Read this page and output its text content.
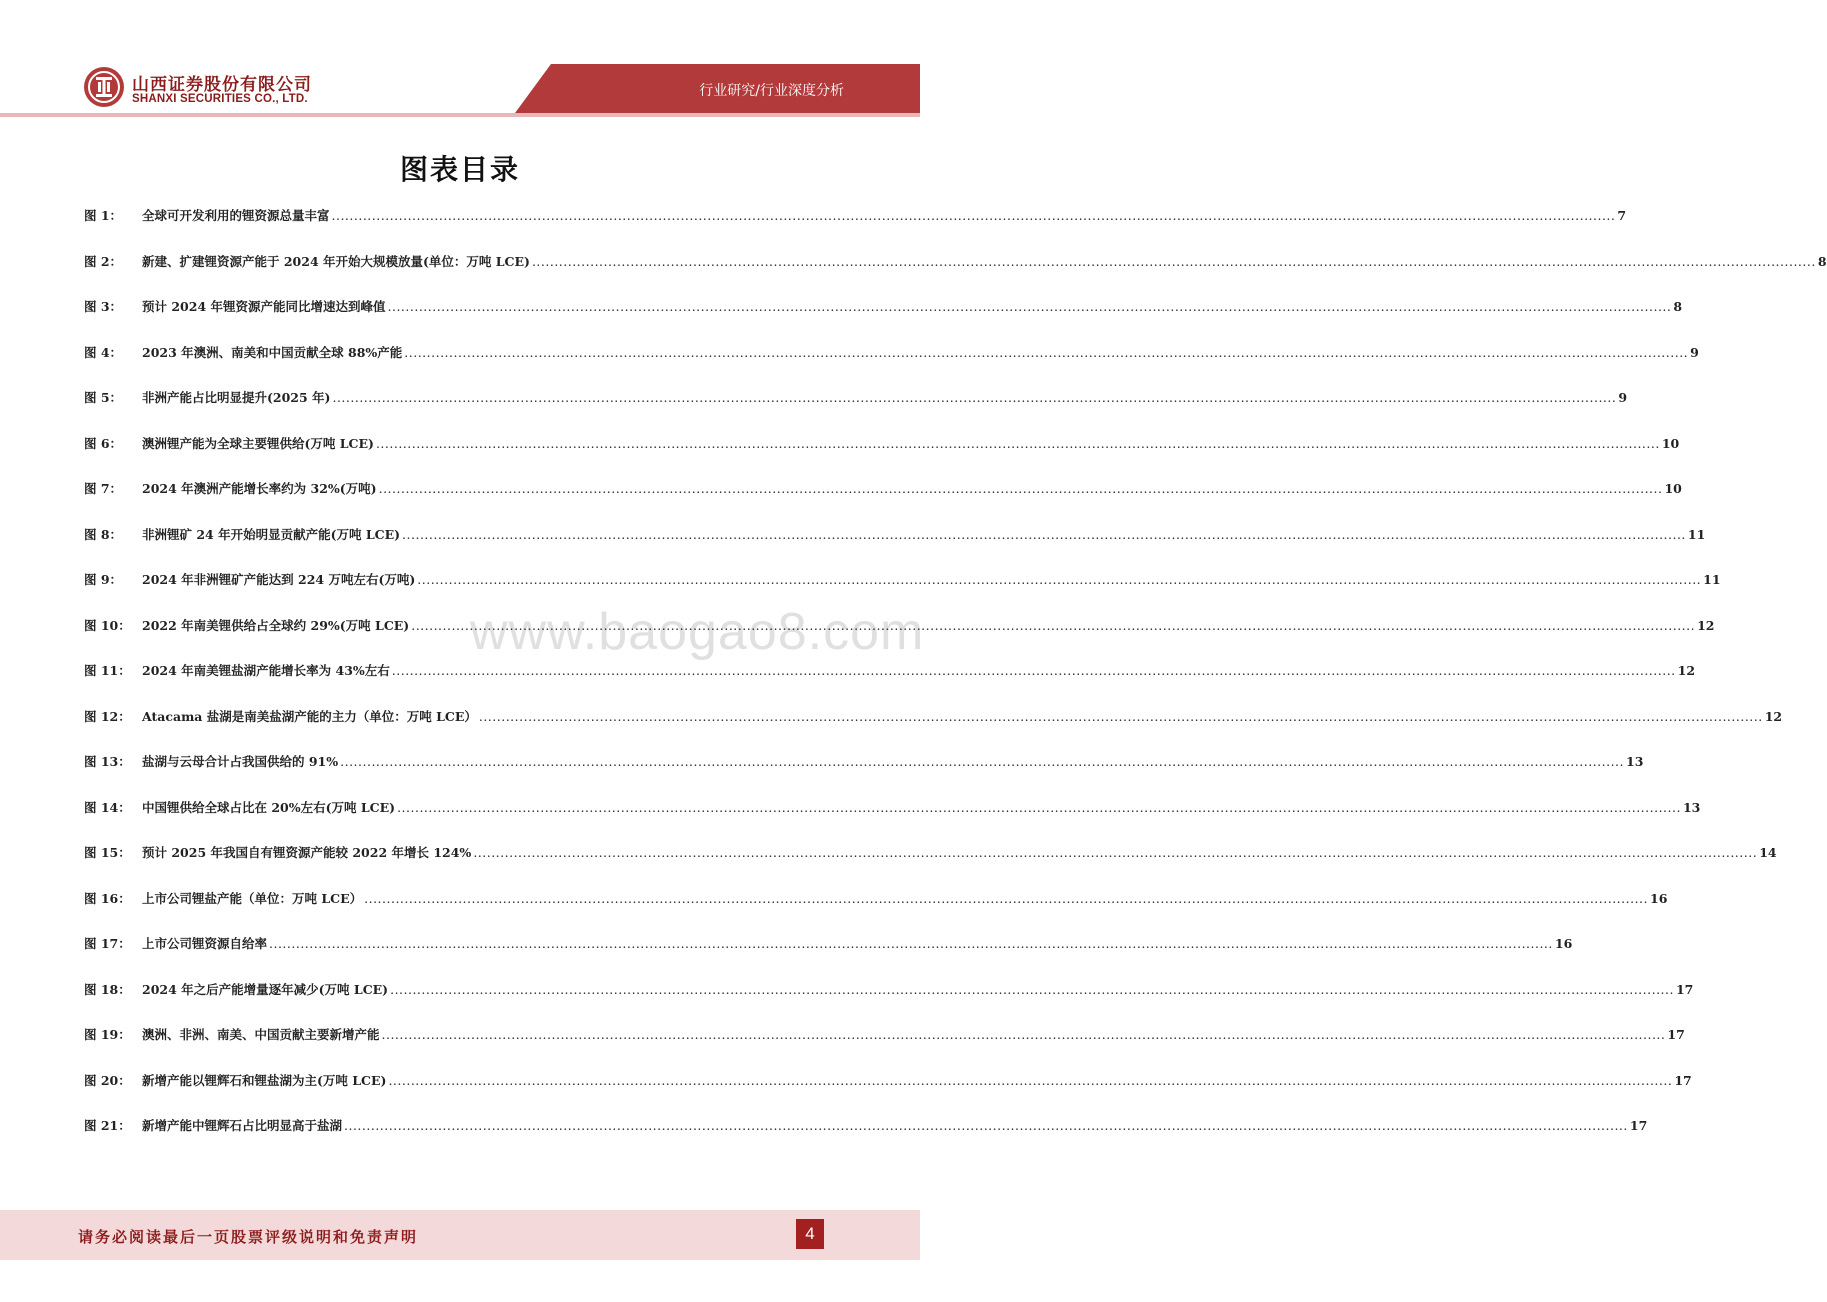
山西证券股份有限公司
SHANXI SECURITIES CO., LTD.	行业研究/行业深度分析
www.baogao8.com
图表目录
图 1：	全球可开发利用的锂资源总量丰富 .....	7
图 2：	新建、扩建锂资源产能于 2024 年开始大规模放量(单位：万吨 LCE) .....	8
图 3：	预计 2024 年锂资源产能同比增速达到峰值 .....	8
图 4：	2023 年澳洲、南美和中国贡献全球 88%产能 .....	9
图 5：	非洲产能占比明显提升(2025 年) .....	9
图 6：	澳洲锂产能为全球主要锂供给(万吨 LCE) .....	10
图 7：	2024 年澳洲产能增长率约为 32%(万吨) .....	10
图 8：	非洲锂矿 24 年开始明显贡献产能(万吨 LCE) .....	11
图 9：	2024 年非洲锂矿产能达到 224 万吨左右(万吨) .....	11
图 10： 2022 年南美锂供给占全球约 29%(万吨 LCE) .....	12
图 11： 2024 年南美锂盐湖产能增长率为 43%左右 .....	12
图 12： Atacama 盐湖是南美盐湖产能的主力（单位：万吨 LCE） .....	12
图 13： 盐湖与云母合计占我国供给的 91% .....	13
图 14： 中国锂供给全球占比在 20%左右(万吨 LCE) .....	13
图 15： 预计 2025 年我国自有锂资源产能较 2022 年增长 124% .....	14
图 16： 上市公司锂盐产能（单位：万吨 LCE） .....	16
图 17： 上市公司锂资源自给率 .....	16
图 18： 2024 年之后产能增量逐年减少(万吨 LCE) .....	17
图 19： 澳洲、非洲、南美、中国贡献主要新增产能 .....	17
图 20： 新增产能以锂辉石和锂盐湖为主(万吨 LCE) .....	17
图 21： 新增产能中锂辉石占比明显高于盐湖 .....	17
请务必阅读最后一页股票评级说明和免责声明	4
